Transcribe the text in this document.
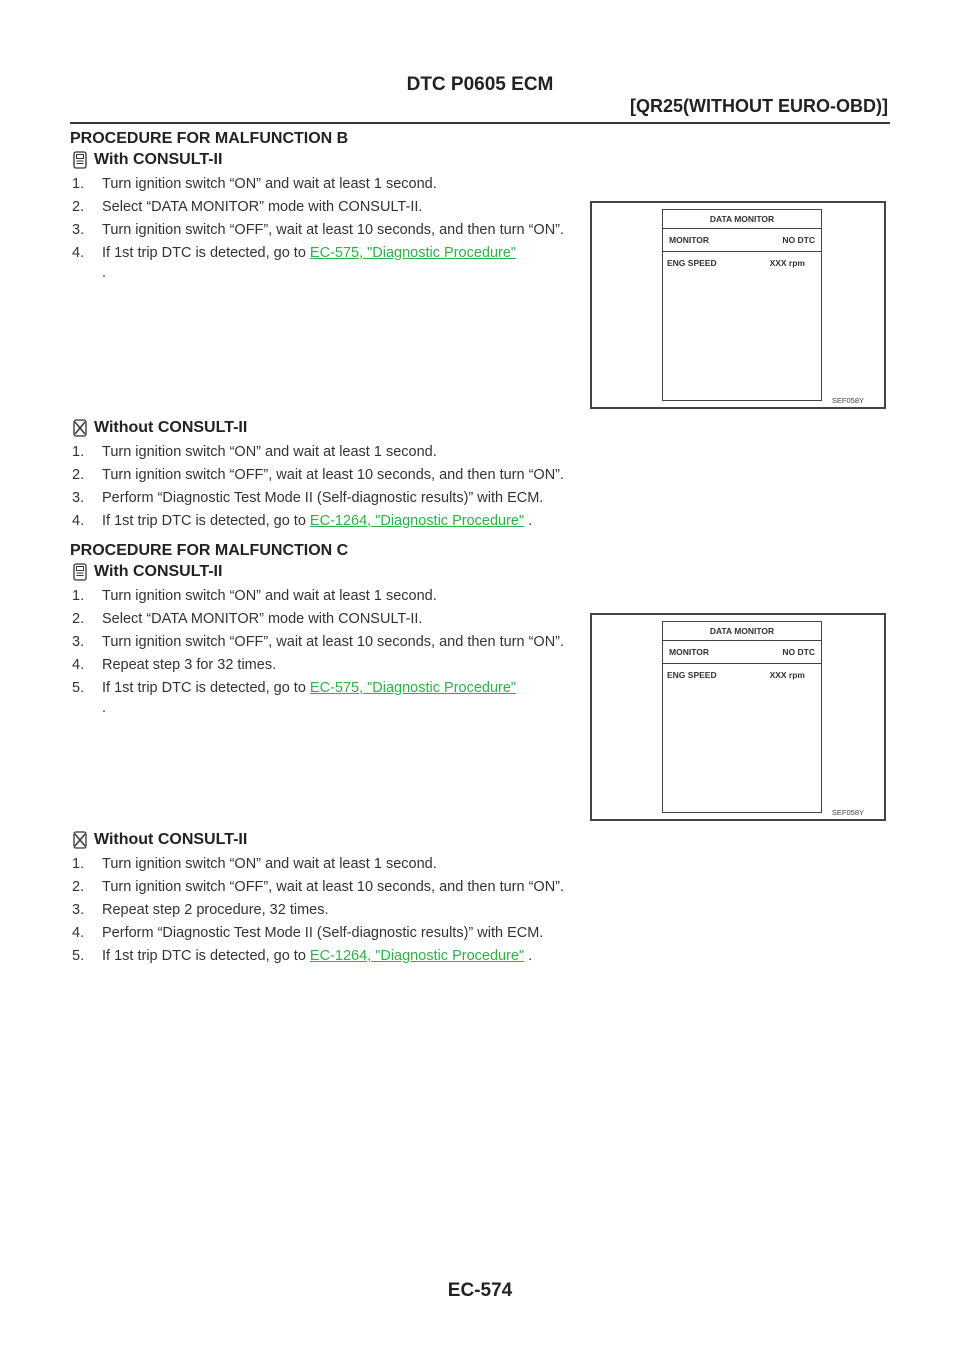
DTC P0605 ECM
[QR25(WITHOUT EURO-OBD)]
PROCEDURE FOR MALFUNCTION B
With CONSULT-II
1.	Turn ignition switch “ON” and wait at least 1 second.
2.	Select “DATA MONITOR” mode with CONSULT-II.
3.	Turn ignition switch “OFF”, wait at least 10 seconds, and then turn “ON”.
4.	If 1st trip DTC is detected, go to EC-575, "Diagnostic Procedure"
.
DATA MONITOR
MONITOR	NO DTC
ENG SPEED	XXX rpm
SEF058Y
Without CONSULT-II
1.	Turn ignition switch “ON” and wait at least 1 second.
2.	Turn ignition switch “OFF”, wait at least 10 seconds, and then turn “ON”.
3.	Perform “Diagnostic Test Mode II (Self-diagnostic results)” with ECM.
4.	If 1st trip DTC is detected, go to EC-1264, "Diagnostic Procedure" .
PROCEDURE FOR MALFUNCTION C
With CONSULT-II
1.	Turn ignition switch “ON” and wait at least 1 second.
2.	Select “DATA MONITOR” mode with CONSULT-II.
3.	Turn ignition switch “OFF”, wait at least 10 seconds, and then turn “ON”.
4.	Repeat step 3 for 32 times.
5.	If 1st trip DTC is detected, go to EC-575, "Diagnostic Procedure"
.
DATA MONITOR
MONITOR	NO DTC
ENG SPEED	XXX rpm
SEF058Y
Without CONSULT-II
1.	Turn ignition switch “ON” and wait at least 1 second.
2.	Turn ignition switch “OFF”, wait at least 10 seconds, and then turn “ON”.
3.	Repeat step 2 procedure, 32 times.
4.	Perform “Diagnostic Test Mode II (Self-diagnostic results)” with ECM.
5.	If 1st trip DTC is detected, go to EC-1264, "Diagnostic Procedure" .
EC-574
